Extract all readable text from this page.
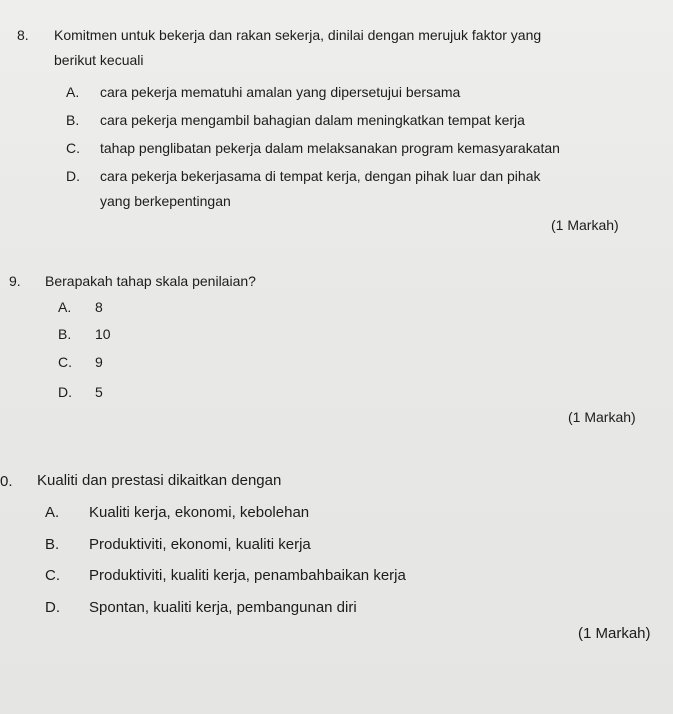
8. Komitmen untuk bekerja dan rakan sekerja, dinilai dengan merujuk faktor yang
berikut kecuali
A. cara pekerja mematuhi amalan yang dipersetujui bersama
B. cara pekerja mengambil bahagian dalam meningkatkan tempat kerja
C. tahap penglibatan pekerja dalam melaksanakan program kemasyarakatan
D. cara pekerja bekerjasama di tempat kerja, dengan pihak luar dan pihak
yang berkepentingan
(1 Markah)
9. Berapakah tahap skala penilaian?
A. 8
B. 10
C. 9
D. 5
(1 Markah)
0. Kualiti dan prestasi dikaitkan dengan
A. Kualiti kerja, ekonomi, kebolehan
B. Produktiviti, ekonomi, kualiti kerja
C. Produktiviti, kualiti kerja, penambahbaikan kerja
D. Spontan, kualiti kerja, pembangunan diri
(1 Markah)
